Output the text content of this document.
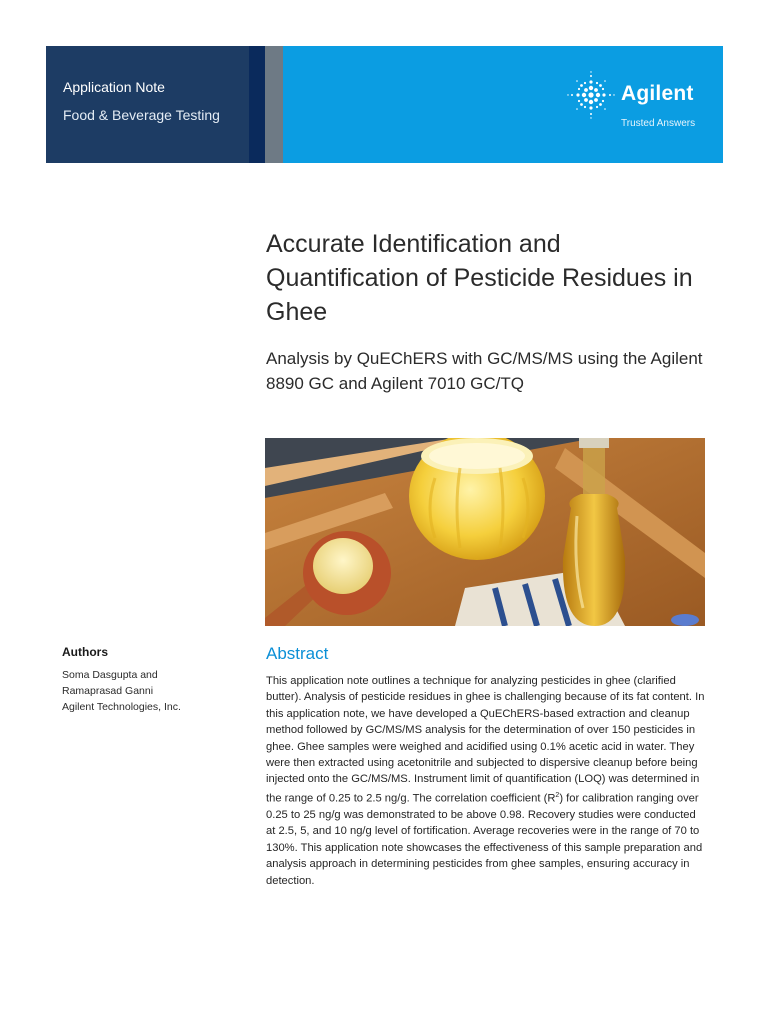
Application Note
Food & Beverage Testing
Agilent
Trusted Answers
Accurate Identification and Quantification of Pesticide Residues in Ghee
Analysis by QuEChERS with GC/MS/MS using the Agilent 8890 GC and Agilent 7010 GC/TQ
Authors
Soma Dasgupta and
Ramaprasad Ganni
Agilent Technologies, Inc.
Abstract

This application note outlines a technique for analyzing pesticides in ghee (clarified butter). Analysis of pesticide residues in ghee is challenging because of its fat content. In this application note, we have developed a QuEChERS-based extraction and cleanup method followed by GC/MS/MS analysis for the determination of over 150 pesticides in ghee. Ghee samples were weighed and acidified using 0.1% acetic acid in water. They were then extracted using acetonitrile and subjected to dispersive cleanup before being injected onto the GC/MS/MS. Instrument limit of quantification (LOQ) was determined in the range of 0.25 to 2.5 ng/g. The correlation coefficient $(R^2)$ for calibration ranging over 0.25 to 25 ng/g was demonstrated to be above 0.98. Recovery studies were conducted at 2.5, 5, and 10 ng/g level of fortification. Average recoveries were in the range of 70 to 130%. This application note showcases the effectiveness of this sample preparation and analysis approach in determining pesticides from ghee samples, ensuring accuracy in detection.
